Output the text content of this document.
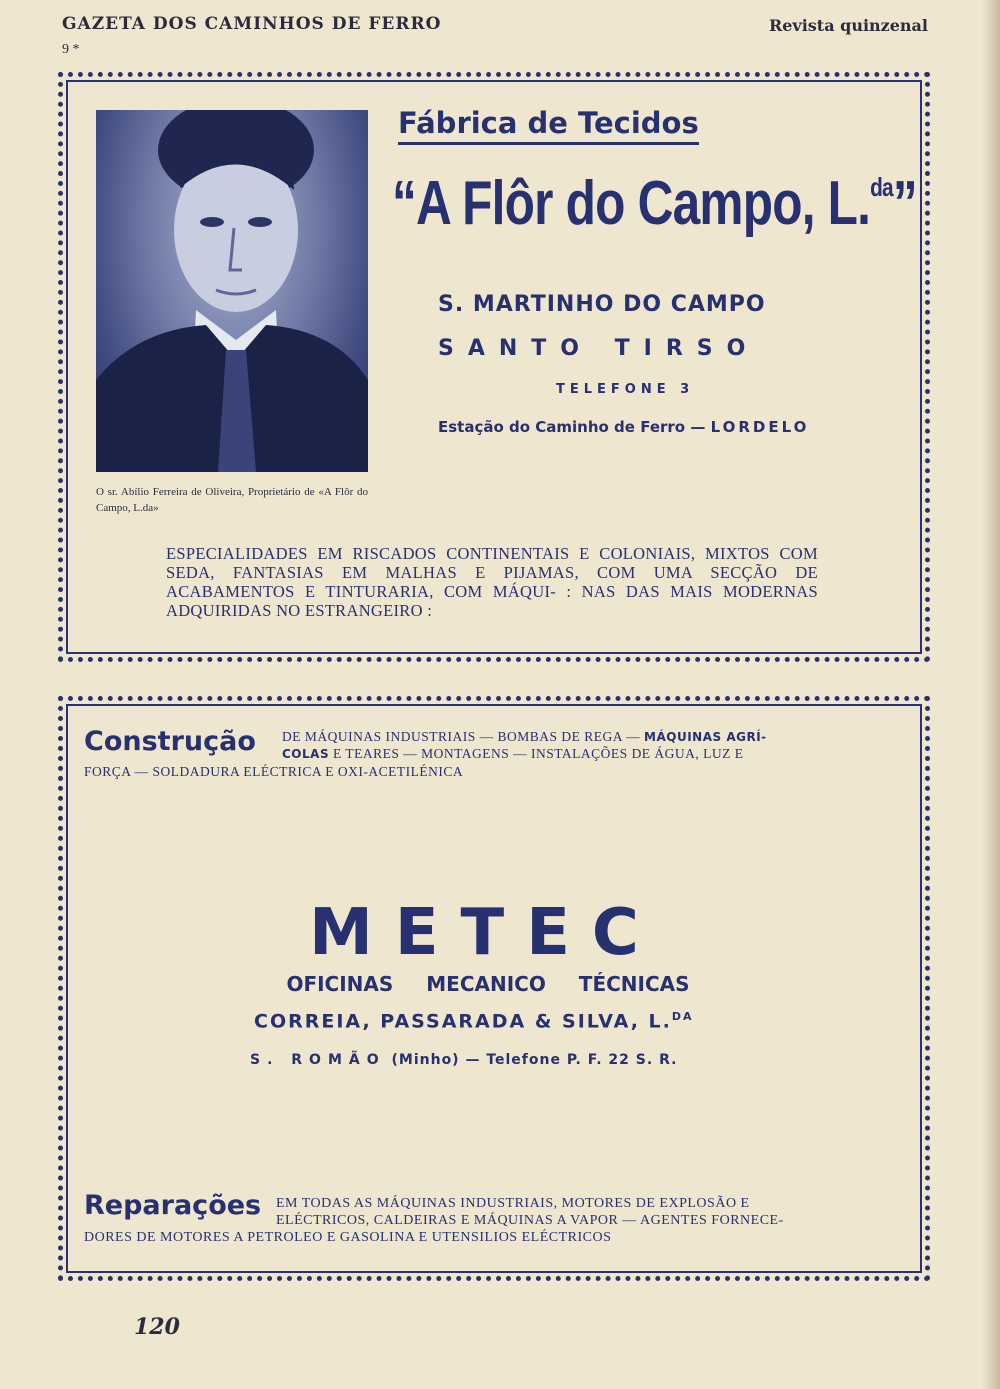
GAZETA DOS CAMINHOS DE FERRO
9 *
Revista quinzenal
O sr. Abílio Ferreira de Oliveira, Proprietário de «A Flôr do Campo, L.da»
Fábrica de Tecidos
“A Flôr do Campo, L.$^{da}$”
S. MARTINHO DO CAMPO
SANTO TIRSO
TELEFONE 3
Estação do Caminho de Ferro — LORDELO
ESPECIALIDADES EM RISCADOS CONTINENTAIS E COLONIAIS, MIXTOS COM SEDA, FANTASIAS EM MALHAS E PIJAMAS, COM UMA SECÇÃO DE ACABAMENTOS E TINTURARIA, COM MÁQUI- : NAS DAS MAIS MODERNAS ADQUIRIDAS NO ESTRANGEIRO :
Construção DE MÁQUINAS INDUSTRIAIS — BOMBAS DE REGA — MÁQUINAS AGRÍ-
COLAS E TEARES — MONTAGENS — INSTALAÇÕES DE ÁGUA, LUZ E
FORÇA — SOLDADURA ELÉCTRICA E OXI-ACETILÉNICA
METEC
OFICINAS MECANICO TÉCNICAS
CORREIA, PASSARADA & SILVA, L.$^{DA}$
S. ROMÃO (Minho) — Telefone P. F. 22 S. R.
Reparações EM TODAS AS MÁQUINAS INDUSTRIAIS, MOTORES DE EXPLOSÃO E
ELÉCTRICOS, CALDEIRAS E MÁQUINAS A VAPOR — AGENTES FORNECE-
DORES DE MOTORES A PETROLEO E GASOLINA E UTENSILIOS ELÉCTRICOS
120
